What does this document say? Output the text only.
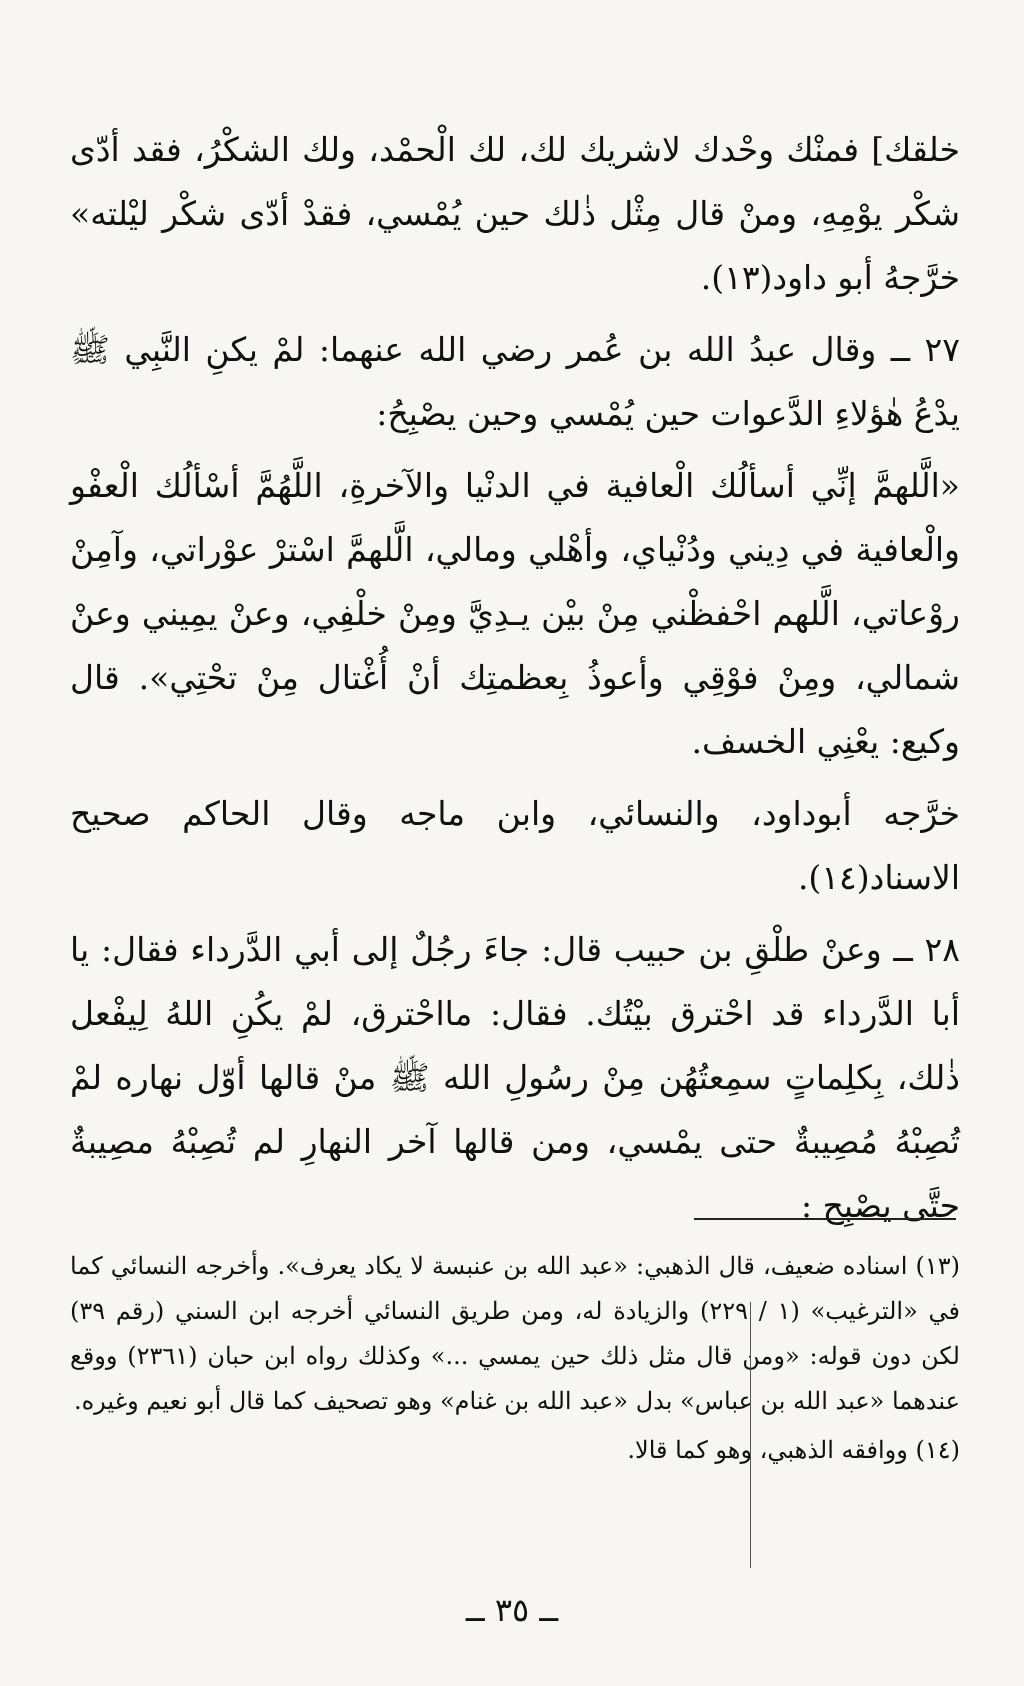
خلقك] فمنْك وحْدك لاشريك لك، لك الْحمْد، ولك الشكْرُ، فقد أدّى شكْر يوْمِهِ، ومنْ قال مِثْل ذٰلك حين يُمْسي، فقدْ أدّى شكْر ليْلته» خرَّجهُ أبو داود(١٣).

٢٧ ــ وقال عبدُ الله بن عُمر رضي الله عنهما: لمْ يكنِ النَّبِي ﷺ يدْعُ هٰؤلاءِ الدَّعوات حين يُمْسي وحين يصْبِحُ:

«الَّلهمَّ إنِّي أسألُك الْعافية في الدنْيا والآخرةِ، اللَّهُمَّ أسْألُك الْعفْو والْعافية في دِيني ودُنْياي، وأهْلي ومالي، الَّلهمَّ اسْترْ عوْراتي، وآمِنْ روْعاتي، الَّلهم احْفظْني مِنْ بيْن يـدِيَّ ومِنْ خلْفِي، وعنْ يمِيني وعنْ شمالي، ومِنْ فوْقِي وأعوذُ بِعظمتِك أنْ أُغْتال مِنْ تحْتِي». قال وكيع: يعْنِي الخسف.

خرَّجه أبوداود، والنسائي، وابن ماجه وقال الحاكم صحيح الاسناد(١٤).

٢٨ ــ وعنْ طلْقِ بن حبيب قال: جاءَ رجُلٌ إلى أبي الدَّرداء فقال: يا أبا الدَّرداء قد احْترق بيْتُك. فقال: مااحْترق، لمْ يكُنِ اللهُ لِيفْعل ذٰلك، بِكلِماتٍ سمِعتُهُن مِنْ رسُولِ الله ﷺ منْ قالها أوّل نهاره لمْ تُصِبْهُ مُصِيبةٌ حتى يمْسي، ومن قالها آخر النهارِ لم تُصِبْهُ مصِيبةٌ حتَّى يصْبِح :

(١٣) اسناده ضعيف، قال الذهبي: «عبد الله بن عنبسة لا يكاد يعرف». وأخرجه النسائي كما في «الترغيب» (١ / ٢٢٩) والزيادة له، ومن طريق النسائي أخرجه ابن السني (رقم ٣٩) لكن دون قوله: «ومن قال مثل ذلك حين يمسي ...» وكذلك رواه ابن حبان (٢٣٦١) ووقع عندهما «عبد الله بن عباس» بدل «عبد الله بن غنام» وهو تصحيف كما قال أبو نعيم وغيره.

(١٤) ووافقه الذهبي، وهو كما قالا.

ــ ٣٥ ــ
